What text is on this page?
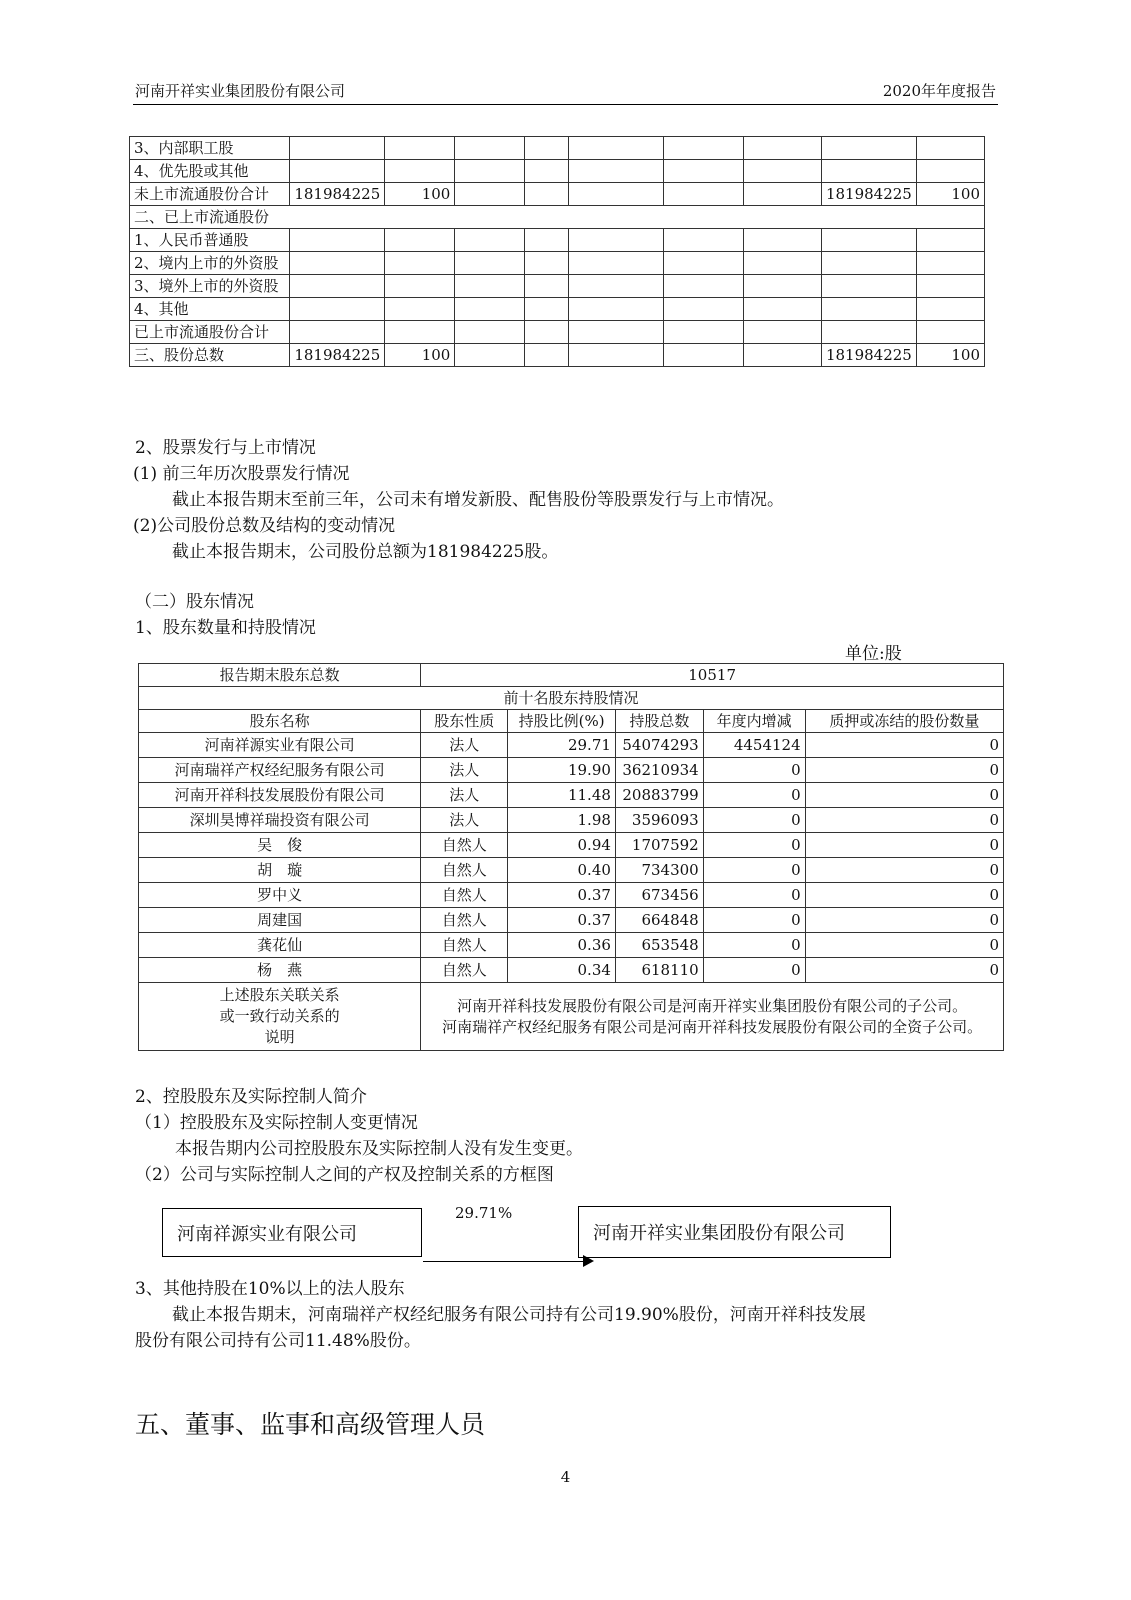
河南开祥实业集团股份有限公司	2020年年度报告
3、内部职工股									
4、优先股或其他									
未上市流通股份合计	181984225	100						181984225	100
二、已上市流通股份									
1、人民币普通股									
2、境内上市的外资股									
3、境外上市的外资股									
4、其他									
已上市流通股份合计									
三、股份总数	181984225	100						181984225	100
2、股票发行与上市情况
(1) 前三年历次股票发行情况
截止本报告期末至前三年，公司未有增发新股、配售股份等股票发行与上市情况。
(2)公司股份总数及结构的变动情况
截止本报告期末，公司股份总额为181984225股。
（二）股东情况
1、股东数量和持股情况
单位:股
报告期末股东总数	10517				
前十名股东持股情况					
股东名称	股东性质	持股比例(%)	持股总数	年度内增减	质押或冻结的股份数量
河南祥源实业有限公司	法人	29.71	54074293	4454124	0
河南瑞祥产权经纪服务有限公司	法人	19.90	36210934	0	0
河南开祥科技发展股份有限公司	法人	11.48	20883799	0	0
深圳昊博祥瑞投资有限公司	法人	1.98	3596093	0	0
吴　俊	自然人	0.94	1707592	0	0
胡　璇	自然人	0.40	734300	0	0
罗中义	自然人	0.37	673456	0	0
周建国	自然人	0.37	664848	0	0
龚花仙	自然人	0.36	653548	0	0
杨　燕	自然人	0.34	618110	0	0

上述股东关联关系或一致行动关系的说明	河南开祥科技发展股份有限公司是河南开祥实业集团股份有限公司的子公司。
河南瑞祥产权经纪服务有限公司是河南开祥科技发展股份有限公司的全资子公司。				
2、控股股东及实际控制人简介
（1）控股股东及实际控制人变更情况
本报告期内公司控股股东及实际控制人没有发生变更。
（2）公司与实际控制人之间的产权及控制关系的方框图
河南祥源实业有限公司
29.71%
河南开祥实业集团股份有限公司
3、其他持股在10%以上的法人股东
截止本报告期末，河南瑞祥产权经纪服务有限公司持有公司19.90%股份，河南开祥科技发展
股份有限公司持有公司11.48%股份。
五、董事、监事和高级管理人员
4
